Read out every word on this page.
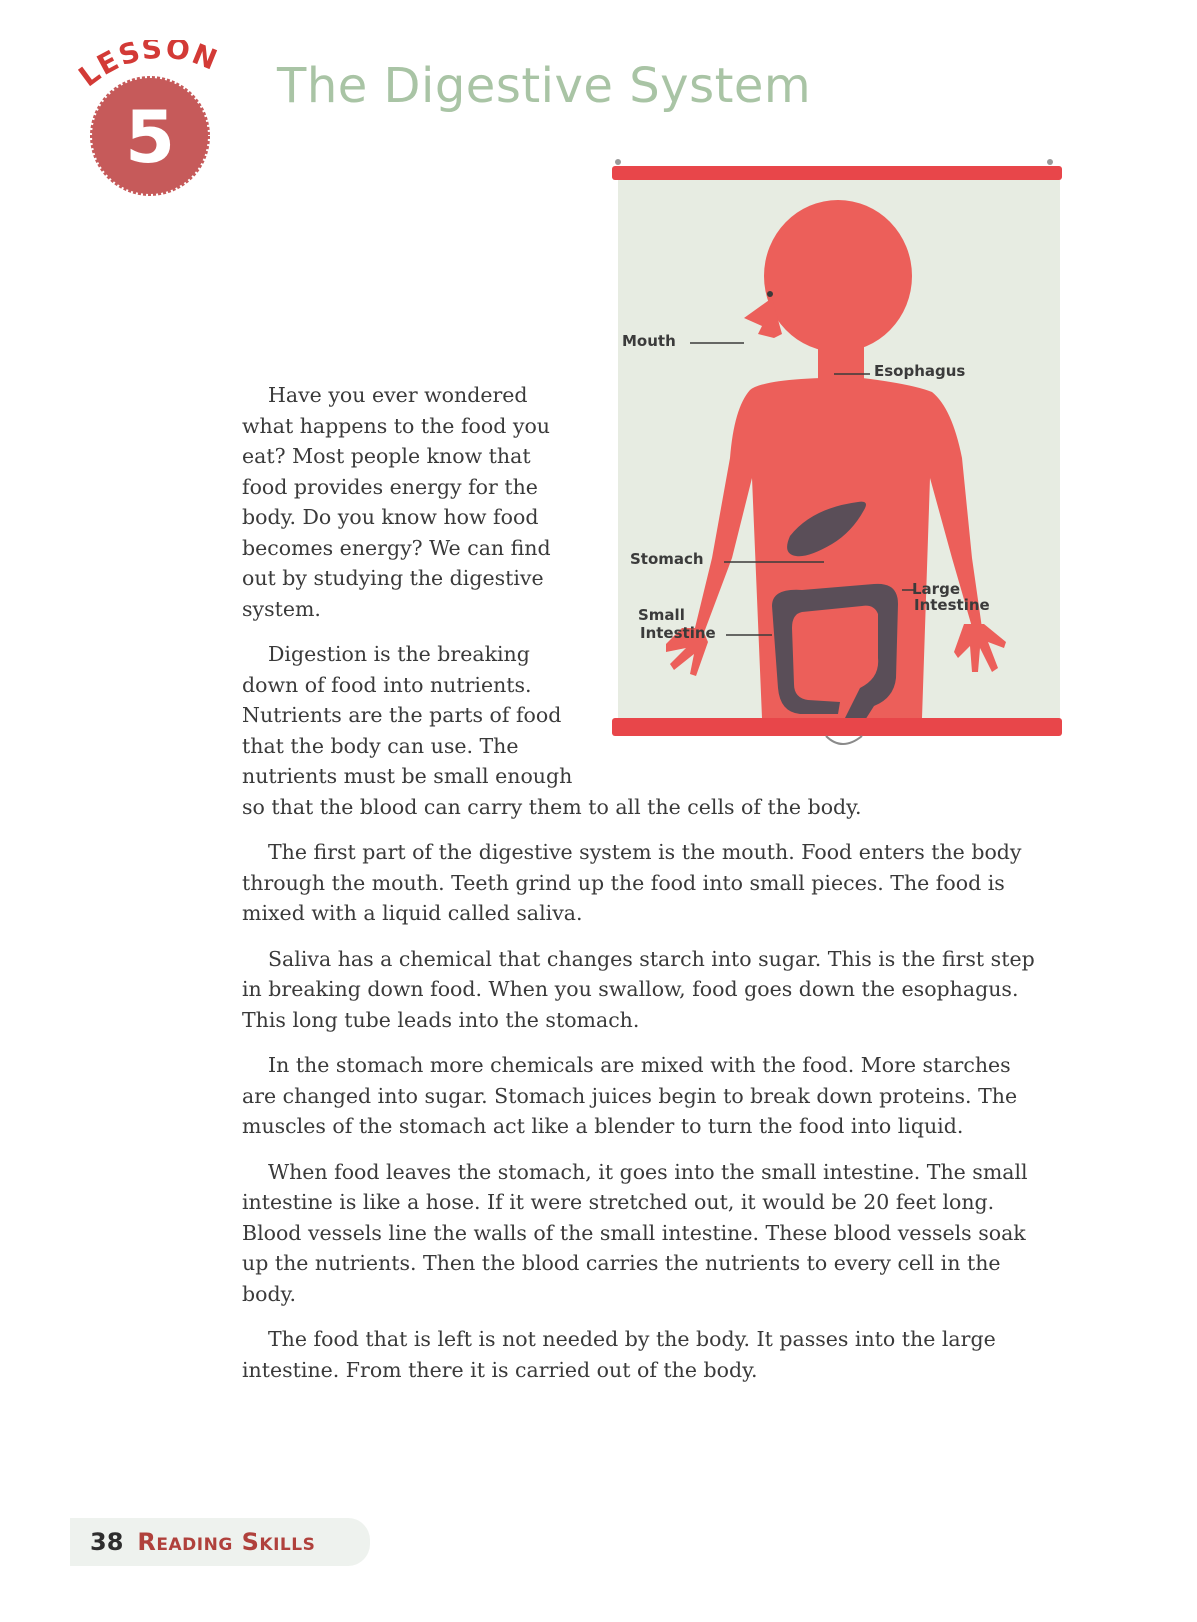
LESSON
5
The Digestive System
Mouth
Esophagus
Stomach
Large
Intestine
Small
Intestine

Have you ever wondered what happens to the food you eat? Most people know that food provides energy for the body. Do you know how food becomes energy? We can find out by studying the digestive system.

Digestion is the breaking down of food into nutrients. Nutrients are the parts of food that the body can use. The nutrients must be small enough

so that the blood can carry them to all the cells of the body.

The first part of the digestive system is the mouth. Food enters the body through the mouth. Teeth grind up the food into small pieces. The food is mixed with a liquid called saliva.

Saliva has a chemical that changes starch into sugar. This is the first step in breaking down food. When you swallow, food goes down the esophagus. This long tube leads into the stomach.

In the stomach more chemicals are mixed with the food. More starches are changed into sugar. Stomach juices begin to break down proteins. The muscles of the stomach act like a blender to turn the food into liquid.

When food leaves the stomach, it goes into the small intestine. The small intestine is like a hose. If it were stretched out, it would be 20 feet long. Blood vessels line the walls of the small intestine. These blood vessels soak up the nutrients. Then the blood carries the nutrients to every cell in the body.

The food that is left is not needed by the body. It passes into the large intestine. From there it is carried out of the body.

38 Reading Skills
